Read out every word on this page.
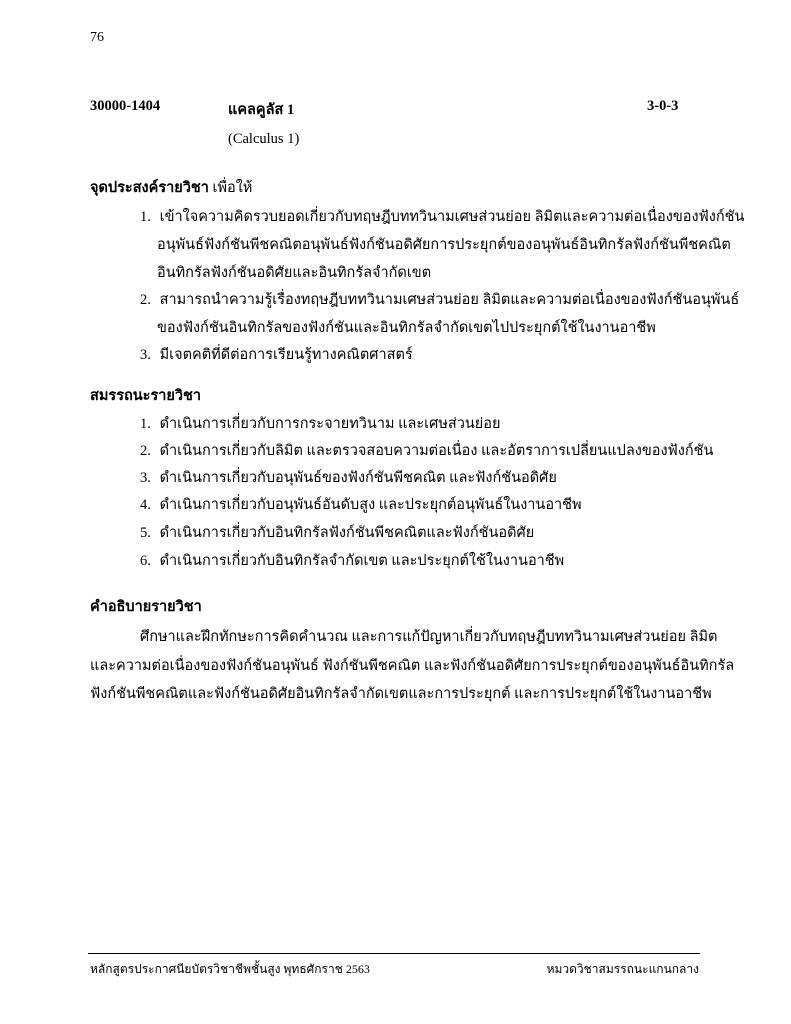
76
30000-1404	แคลคูลัส 1	3-0-3
(Calculus 1)
จุดประสงค์รายวิชา เพื่อให้
1. เข้าใจความคิดรวบยอดเกี่ยวกับทฤษฎีบททวินามเศษส่วนย่อย ลิมิตและความต่อเนื่องของฟังก์ชัน
อนุพันธ์ฟังก์ชันพีชคณิตอนุพันธ์ฟังก์ชันอดิศัยการประยุกต์ของอนุพันธ์อินทิกรัลฟังก์ชันพีชคณิต
อินทิกรัลฟังก์ชันอดิศัยและอินทิกรัลจำกัดเขต
2. สามารถนำความรู้เรื่องทฤษฎีบททวินามเศษส่วนย่อย ลิมิตและความต่อเนื่องของฟังก์ชันอนุพันธ์
ของฟังก์ชันอินทิกรัลของฟังก์ชันและอินทิกรัลจำกัดเขตไปประยุกต์ใช้ในงานอาชีพ
3. มีเจตคติที่ดีต่อการเรียนรู้ทางคณิตศาสตร์
สมรรถนะรายวิชา
1. ดำเนินการเกี่ยวกับการกระจายทวินาม และเศษส่วนย่อย
2. ดำเนินการเกี่ยวกับลิมิต และตรวจสอบความต่อเนื่อง และอัตราการเปลี่ยนแปลงของฟังก์ชัน
3. ดำเนินการเกี่ยวกับอนุพันธ์ของฟังก์ชันพีชคณิต และฟังก์ชันอดิศัย
4. ดำเนินการเกี่ยวกับอนุพันธ์อันดับสูง และประยุกต์อนุพันธ์ในงานอาชีพ
5. ดำเนินการเกี่ยวกับอินทิกรัลฟังก์ชันพีชคณิตและฟังก์ชันอดิศัย
6. ดำเนินการเกี่ยวกับอินทิกรัลจำกัดเขต และประยุกต์ใช้ในงานอาชีพ
คำอธิบายรายวิชา
ศึกษาและฝึกทักษะการคิดคำนวณ และการแก้ปัญหาเกี่ยวกับทฤษฎีบททวินามเศษส่วนย่อย ลิมิต
และความต่อเนื่องของฟังก์ชันอนุพันธ์ ฟังก์ชันพีชคณิต และฟังก์ชันอดิศัยการประยุกต์ของอนุพันธ์อินทิกรัล
ฟังก์ชันพีชคณิตและฟังก์ชันอดิศัยอินทิกรัลจำกัดเขตและการประยุกต์ และการประยุกต์ใช้ในงานอาชีพ
หลักสูตรประกาศนียบัตรวิชาชีพชั้นสูง พุทธศักราช 2563	หมวดวิชาสมรรถนะแกนกลาง
